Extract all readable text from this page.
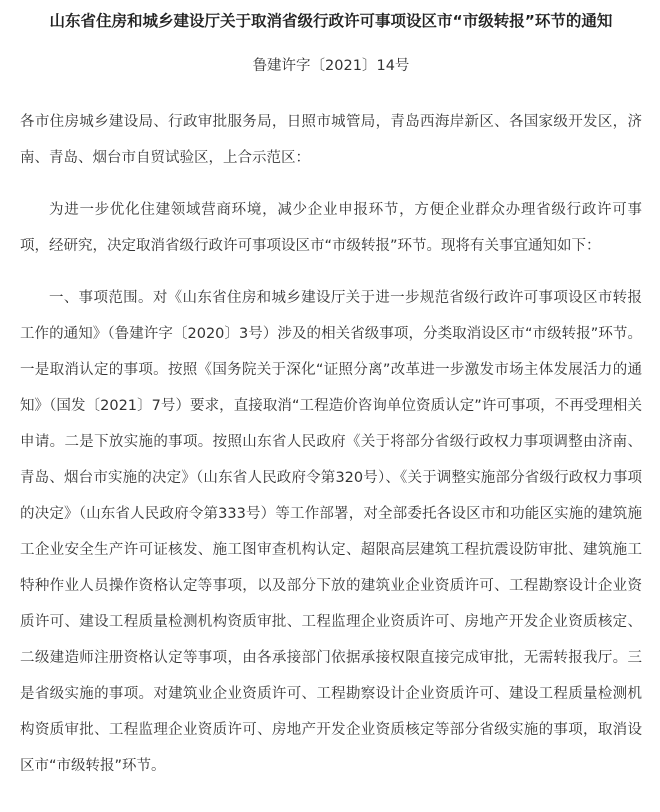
山东省住房和城乡建设厅关于取消省级行政许可事项设区市“市级转报”环节的通知

鲁建许字〔2021〕14号

各市住房城乡建设局、行政审批服务局，日照市城管局，青岛西海岸新区、各国家级开发区，济南、青岛、烟台市自贸试验区，上合示范区：

为进一步优化住建领域营商环境，减少企业申报环节，方便企业群众办理省级行政许可事项，经研究，决定取消省级行政许可事项设区市“市级转报”环节。现将有关事宜通知如下：

一、事项范围。对《山东省住房和城乡建设厅关于进一步规范省级行政许可事项设区市转报工作的通知》（鲁建许字〔2020〕3号）涉及的相关省级事项，分类取消设区市“市级转报”环节。一是取消认定的事项。按照《国务院关于深化“证照分离”改革进一步激发市场主体发展活力的通知》（国发〔2021〕7号）要求，直接取消“工程造价咨询单位资质认定”许可事项，不再受理相关申请。二是下放实施的事项。按照山东省人民政府《关于将部分省级行政权力事项调整由济南、青岛、烟台市实施的决定》（山东省人民政府令第320号）、《关于调整实施部分省级行政权力事项的决定》（山东省人民政府令第333号）等工作部署，对全部委托各设区市和功能区实施的建筑施工企业安全生产许可证核发、施工图审查机构认定、超限高层建筑工程抗震设防审批、建筑施工特种作业人员操作资格认定等事项，以及部分下放的建筑业企业资质许可、工程勘察设计企业资质许可、建设工程质量检测机构资质审批、工程监理企业资质许可、房地产开发企业资质核定、二级建造师注册资格认定等事项，由各承接部门依据承接权限直接完成审批，无需转报我厅。三是省级实施的事项。对建筑业企业资质许可、工程勘察设计企业资质许可、建设工程质量检测机构资质审批、工程监理企业资质许可、房地产开发企业资质核定等部分省级实施的事项，取消设区市“市级转报”环节。
